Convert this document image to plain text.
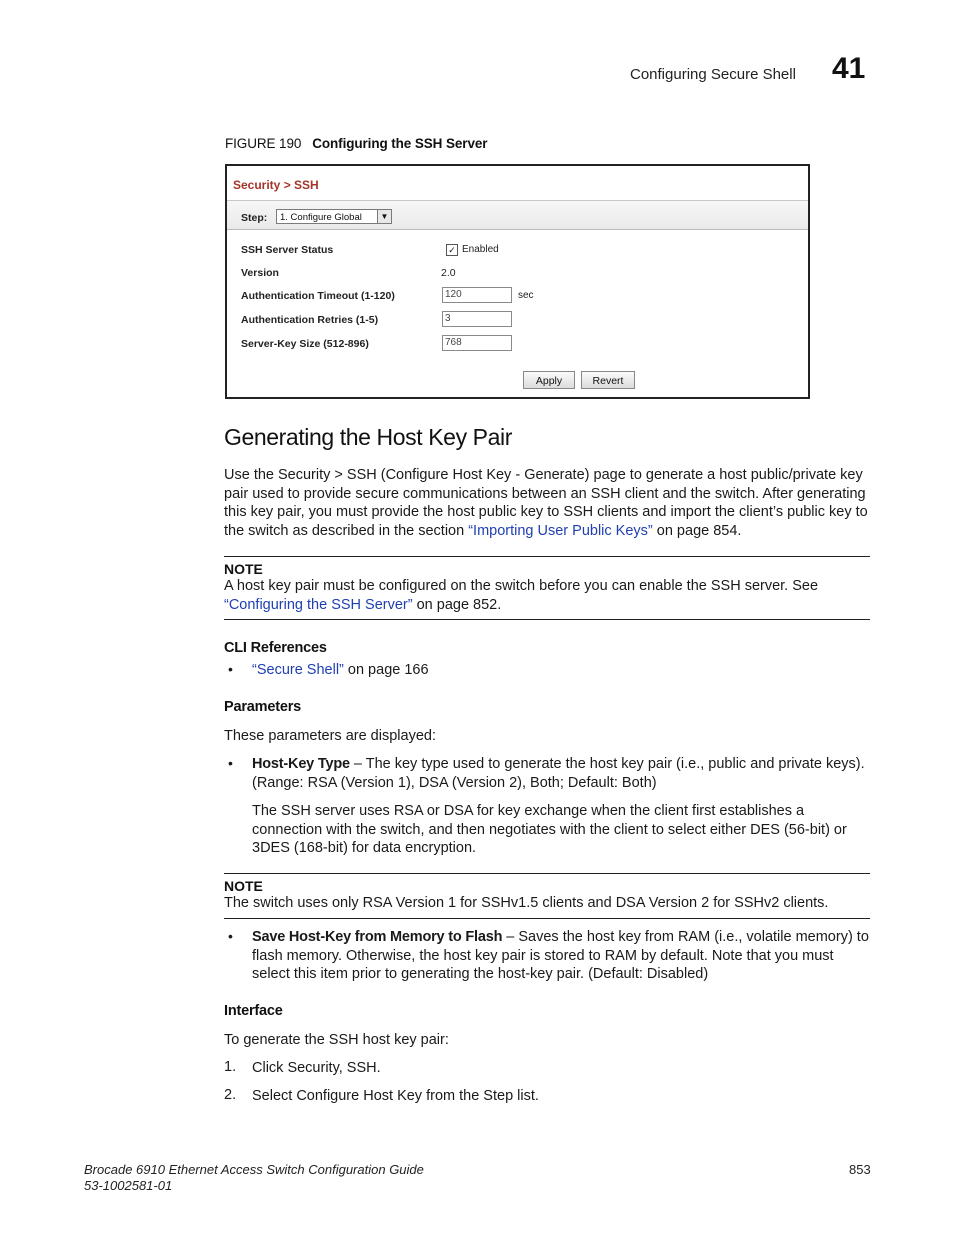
Configuring Secure Shell 41
FIGURE 190 Configuring the SSH Server
Security > SSH
Step:	1. Configure Global	▼
SSH Server Status	✓ Enabled
Version	2.0
Authentication Timeout (1-120)	120	sec
Authentication Retries (1-5)	3
Server-Key Size (512-896)	768
Apply	Revert
Generating the Host Key Pair
Use the Security > SSH (Configure Host Key - Generate) page to generate a host public/private key pair used to provide secure communications between an SSH client and the switch. After generating this key pair, you must provide the host public key to SSH clients and import the client’s public key to the switch as described in the section “Importing User Public Keys” on page 854.
NOTE
A host key pair must be configured on the switch before you can enable the SSH server. See “Configuring the SSH Server” on page 852.
CLI References
• “Secure Shell” on page 166
Parameters
These parameters are displayed:
• Host-Key Type – The key type used to generate the host key pair (i.e., public and private keys). (Range: RSA (Version 1), DSA (Version 2), Both; Default: Both)
The SSH server uses RSA or DSA for key exchange when the client first establishes a connection with the switch, and then negotiates with the client to select either DES (56-bit) or 3DES (168-bit) for data encryption.
NOTE
The switch uses only RSA Version 1 for SSHv1.5 clients and DSA Version 2 for SSHv2 clients.
• Save Host-Key from Memory to Flash – Saves the host key from RAM (i.e., volatile memory) to flash memory. Otherwise, the host key pair is stored to RAM by default. Note that you must select this item prior to generating the host-key pair. (Default: Disabled)
Interface
To generate the SSH host key pair:
1. Click Security, SSH.
2. Select Configure Host Key from the Step list.
Brocade 6910 Ethernet Access Switch Configuration Guide
53-1002581-01
853
